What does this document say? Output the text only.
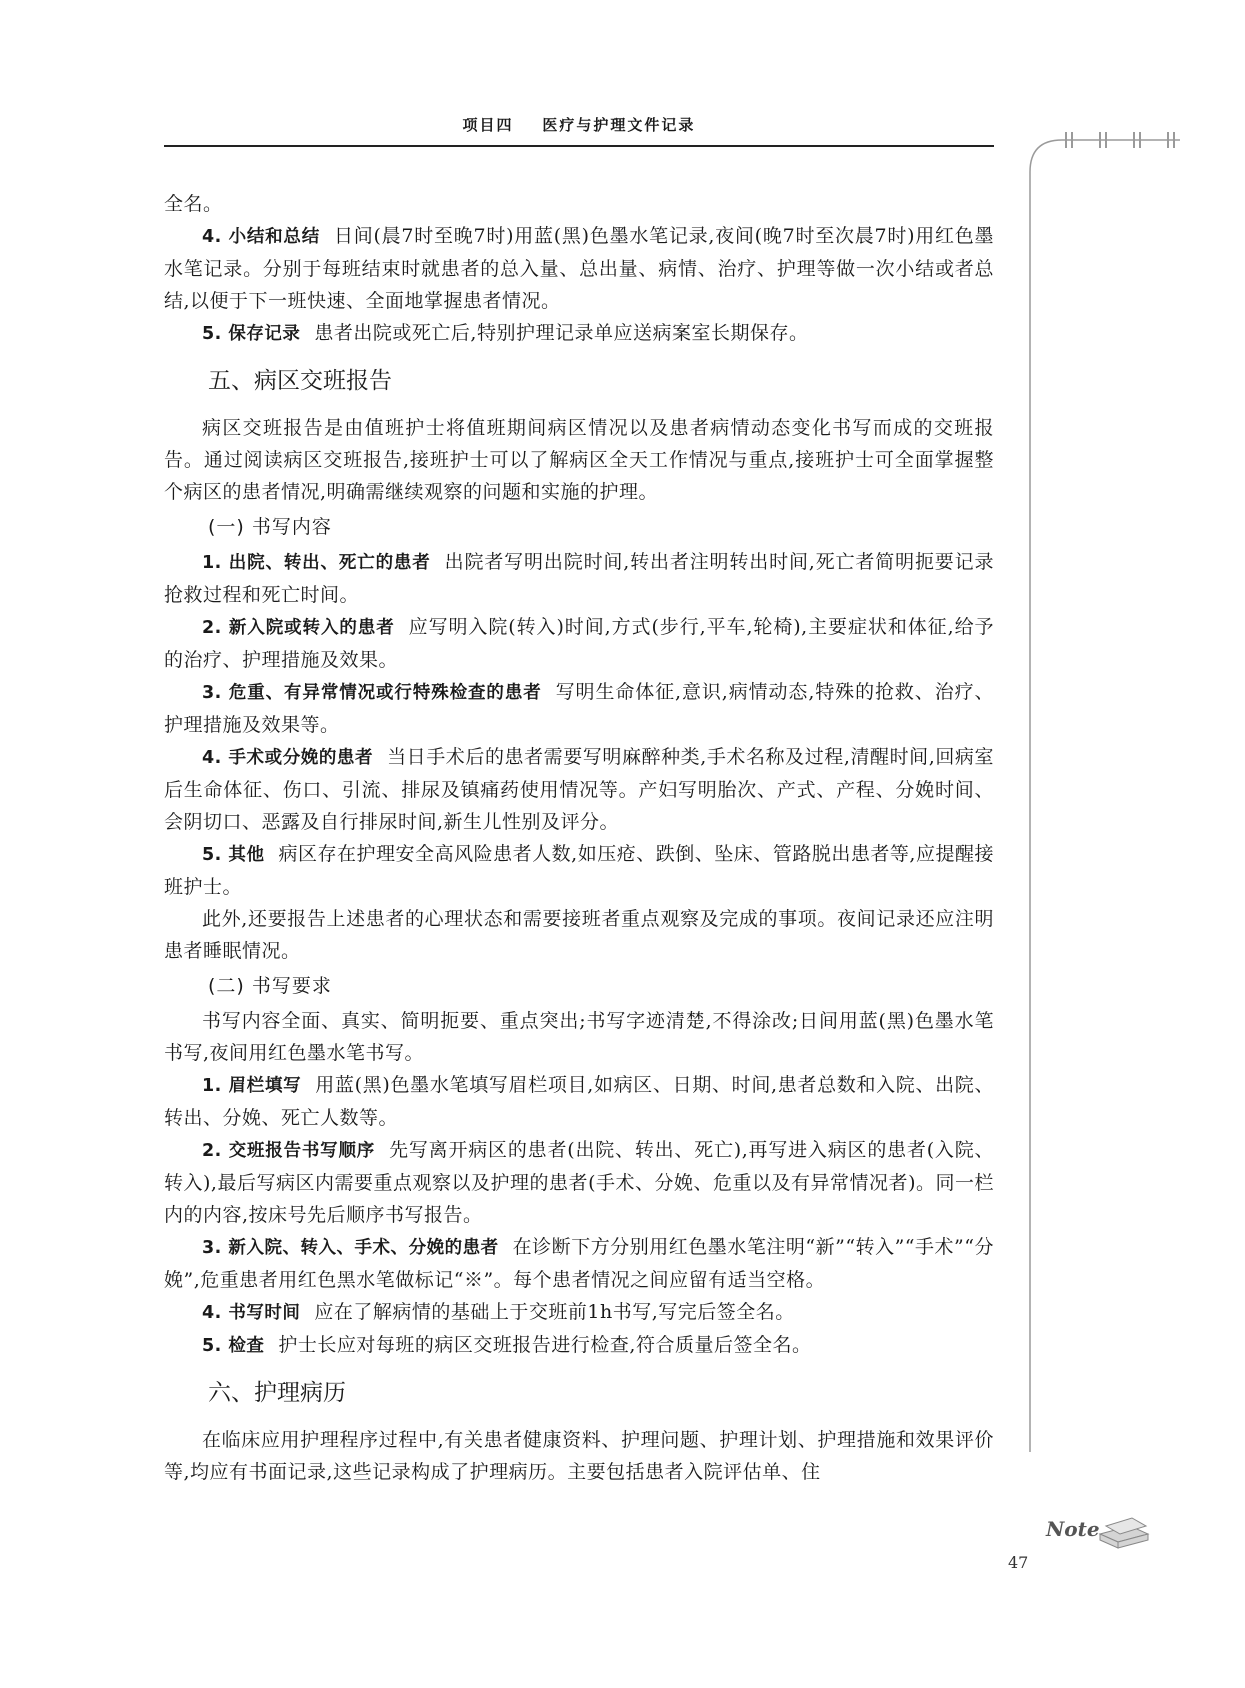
项目四    医疗与护理文件记录

全名。

4. 小结和总结 日间(晨7时至晚7时)用蓝(黑)色墨水笔记录,夜间(晚7时至次晨7时)用红色墨水笔记录。分别于每班结束时就患者的总入量、总出量、病情、治疗、护理等做一次小结或者总结,以便于下一班快速、全面地掌握患者情况。

5. 保存记录 患者出院或死亡后,特别护理记录单应送病案室长期保存。

五、病区交班报告

病区交班报告是由值班护士将值班期间病区情况以及患者病情动态变化书写而成的交班报告。通过阅读病区交班报告,接班护士可以了解病区全天工作情况与重点,接班护士可全面掌握整个病区的患者情况,明确需继续观察的问题和实施的护理。

(一) 书写内容

1. 出院、转出、死亡的患者 出院者写明出院时间,转出者注明转出时间,死亡者简明扼要记录抢救过程和死亡时间。

2. 新入院或转入的患者 应写明入院(转入)时间,方式(步行,平车,轮椅),主要症状和体征,给予的治疗、护理措施及效果。

3. 危重、有异常情况或行特殊检查的患者 写明生命体征,意识,病情动态,特殊的抢救、治疗、护理措施及效果等。

4. 手术或分娩的患者 当日手术后的患者需要写明麻醉种类,手术名称及过程,清醒时间,回病室后生命体征、伤口、引流、排尿及镇痛药使用情况等。产妇写明胎次、产式、产程、分娩时间、会阴切口、恶露及自行排尿时间,新生儿性别及评分。

5. 其他 病区存在护理安全高风险患者人数,如压疮、跌倒、坠床、管路脱出患者等,应提醒接班护士。

此外,还要报告上述患者的心理状态和需要接班者重点观察及完成的事项。夜间记录还应注明患者睡眠情况。

(二) 书写要求

书写内容全面、真实、简明扼要、重点突出;书写字迹清楚,不得涂改;日间用蓝(黑)色墨水笔书写,夜间用红色墨水笔书写。

1. 眉栏填写 用蓝(黑)色墨水笔填写眉栏项目,如病区、日期、时间,患者总数和入院、出院、转出、分娩、死亡人数等。

2. 交班报告书写顺序 先写离开病区的患者(出院、转出、死亡),再写进入病区的患者(入院、转入),最后写病区内需要重点观察以及护理的患者(手术、分娩、危重以及有异常情况者)。同一栏内的内容,按床号先后顺序书写报告。

3. 新入院、转入、手术、分娩的患者 在诊断下方分别用红色墨水笔注明“新”“转入”“手术”“分娩”,危重患者用红色黑水笔做标记“※”。每个患者情况之间应留有适当空格。

4. 书写时间 应在了解病情的基础上于交班前1h书写,写完后签全名。

5. 检查 护士长应对每班的病区交班报告进行检查,符合质量后签全名。

六、护理病历

在临床应用护理程序过程中,有关患者健康资料、护理问题、护理计划、护理措施和效果评价等,均应有书面记录,这些记录构成了护理病历。主要包括患者入院评估单、住

Note
47
